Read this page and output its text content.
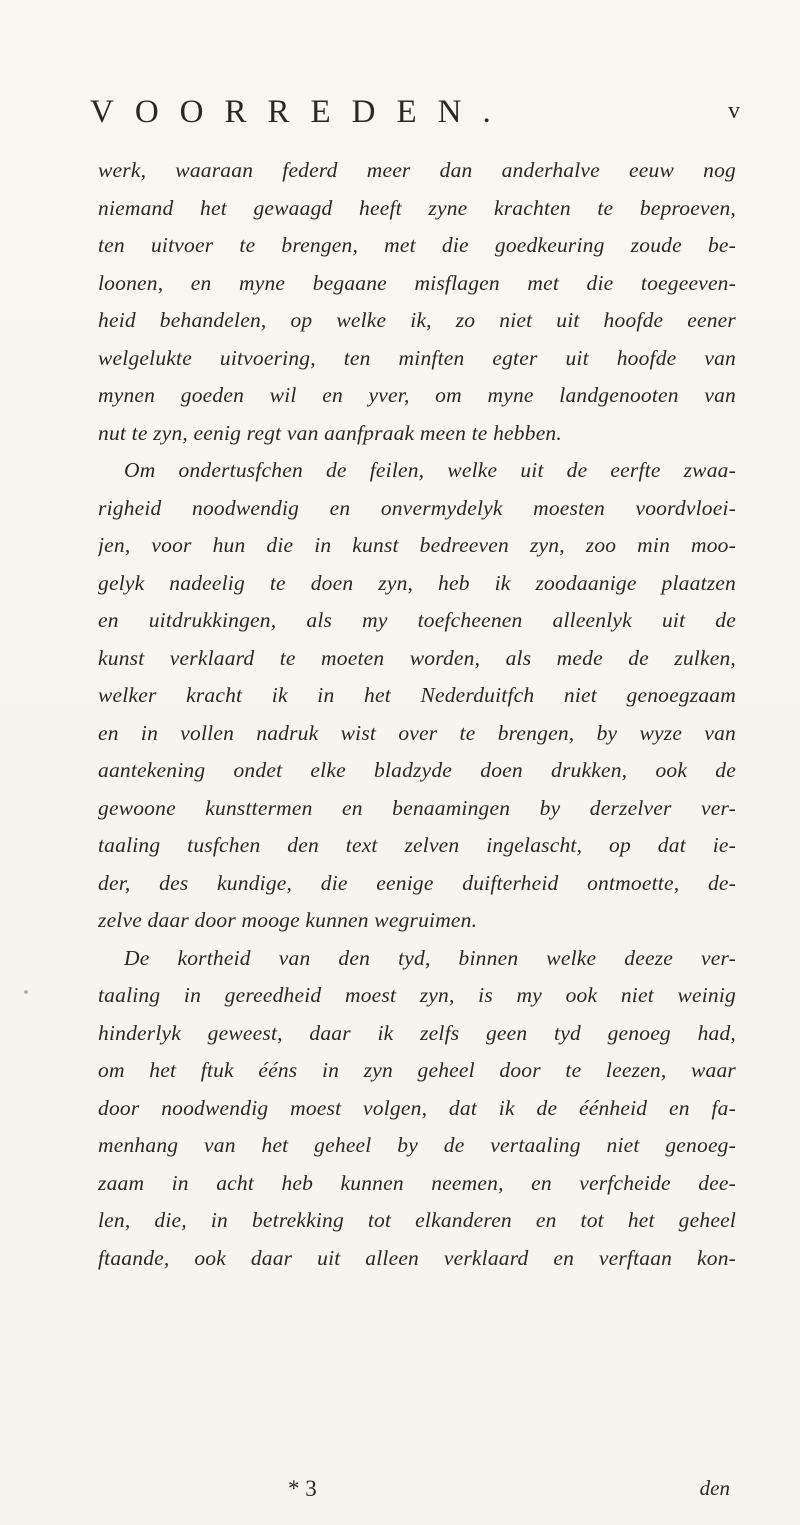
VOORREDEN.	v
werk, waaraan federd meer dan anderhalve eeuw nog
niemand het gewaagd heeft zyne krachten te beproeven,
ten uitvoer te brengen, met die goedkeuring zoude be-
loonen, en myne begaane misflagen met die toegeeven-
heid behandelen, op welke ik, zo niet uit hoofde eener
welgelukte uitvoering, ten minften egter uit hoofde van
mynen goeden wil en yver, om myne landgenooten van
nut te zyn, eenig regt van aanfpraak meen te hebben.
Om ondertusfchen de feilen, welke uit de eerfte zwaa-
righeid noodwendig en onvermydelyk moesten voordvloei-
jen, voor hun die in kunst bedreeven zyn, zoo min moo-
gelyk nadeelig te doen zyn, heb ik zoodaanige plaatzen
en uitdrukkingen, als my toefcheenen alleenlyk uit de
kunst verklaard te moeten worden, als mede de zulken,
welker kracht ik in het Nederduitfch niet genoegzaam
en in vollen nadruk wist over te brengen, by wyze van
aantekening ondet elke bladzyde doen drukken, ook de
gewoone kunsttermen en benaamingen by derzelver ver-
taaling tusfchen den text zelven ingelascht, op dat ie-
der, des kundige, die eenige duifterheid ontmoette, de-
zelve daar door mooge kunnen wegruimen.
De kortheid van den tyd, binnen welke deeze ver-
taaling in gereedheid moest zyn, is my ook niet weinig
hinderlyk geweest, daar ik zelfs geen tyd genoeg had,
om het ftuk ééns in zyn geheel door te leezen, waar
door noodwendig moest volgen, dat ik de éénheid en fa-
menhang van het geheel by de vertaaling niet genoeg-
zaam in acht heb kunnen neemen, en verfcheide dee-
len, die, in betrekking tot elkanderen en tot het geheel
ftaande, ook daar uit alleen verklaard en verftaan kon-
* 3	den
